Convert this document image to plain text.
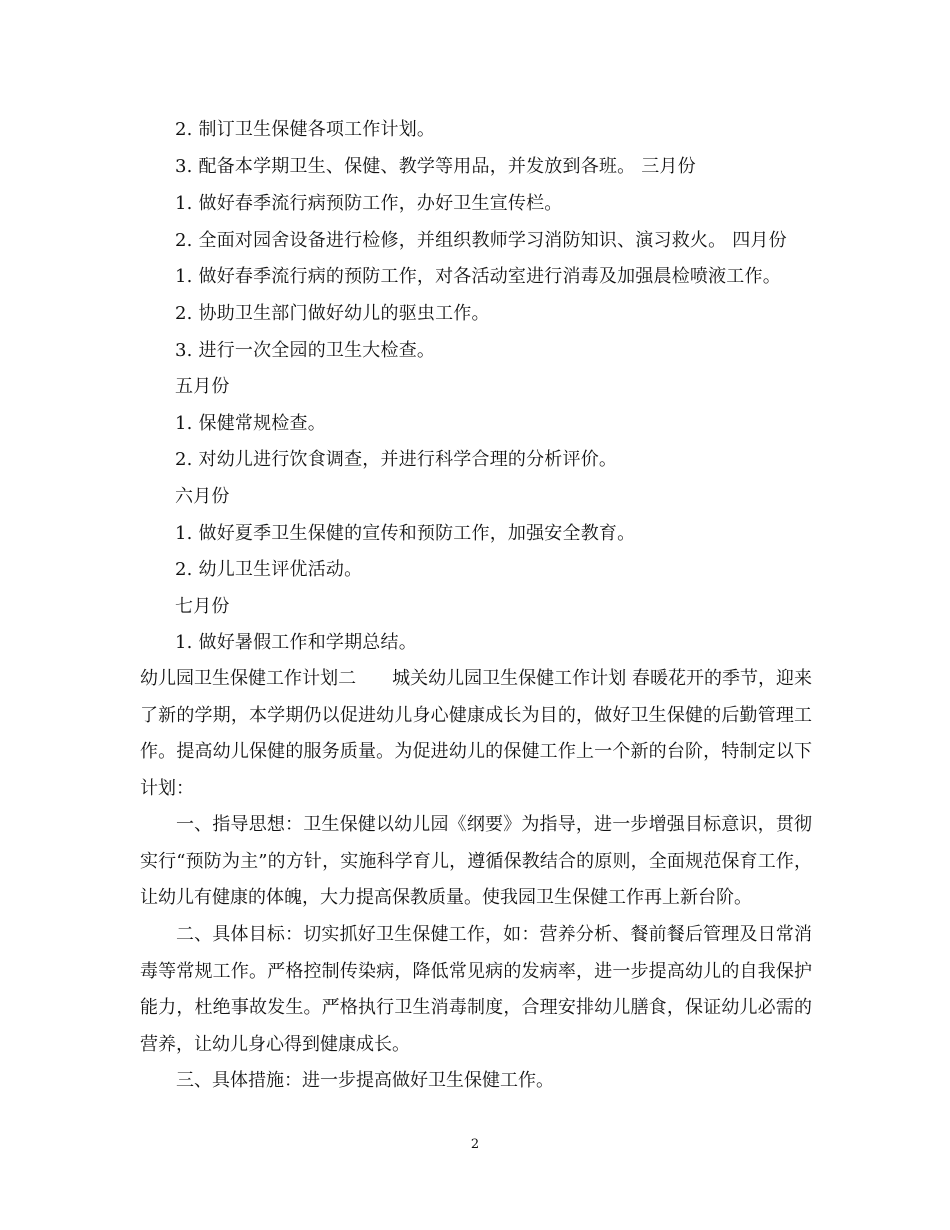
2. 制订卫生保健各项工作计划。
3. 配备本学期卫生、保健、教学等用品，并发放到各班。 三月份
1. 做好春季流行病预防工作，办好卫生宣传栏。
2. 全面对园舍设备进行检修，并组织教师学习消防知识、演习救火。 四月份
1. 做好春季流行病的预防工作，对各活动室进行消毒及加强晨检喷液工作。
2. 协助卫生部门做好幼儿的驱虫工作。
3. 进行一次全园的卫生大检查。
五月份
1. 保健常规检查。
2. 对幼儿进行饮食调查，并进行科学合理的分析评价。
六月份
1. 做好夏季卫生保健的宣传和预防工作，加强安全教育。
2. 幼儿卫生评优活动。
七月份
1. 做好暑假工作和学期总结。
幼儿园卫生保健工作计划二　　城关幼儿园卫生保健工作计划 春暖花开的季节，迎来了新的学期，本学期仍以促进幼儿身心健康成长为目的，做好卫生保健的后勤管理工作。提高幼儿保健的服务质量。为促进幼儿的保健工作上一个新的台阶，特制定以下计划：
一、指导思想：卫生保健以幼儿园《纲要》为指导，进一步增强目标意识，贯彻实行“预防为主”的方针，实施科学育儿，遵循保教结合的原则，全面规范保育工作，让幼儿有健康的体魄，大力提高保教质量。使我园卫生保健工作再上新台阶。
二、具体目标：切实抓好卫生保健工作，如：营养分析、餐前餐后管理及日常消毒等常规工作。严格控制传染病，降低常见病的发病率，进一步提高幼儿的自我保护能力，杜绝事故发生。严格执行卫生消毒制度，合理安排幼儿膳食，保证幼儿必需的营养，让幼儿身心得到健康成长。
三、具体措施：进一步提高做好卫生保健工作。
2
